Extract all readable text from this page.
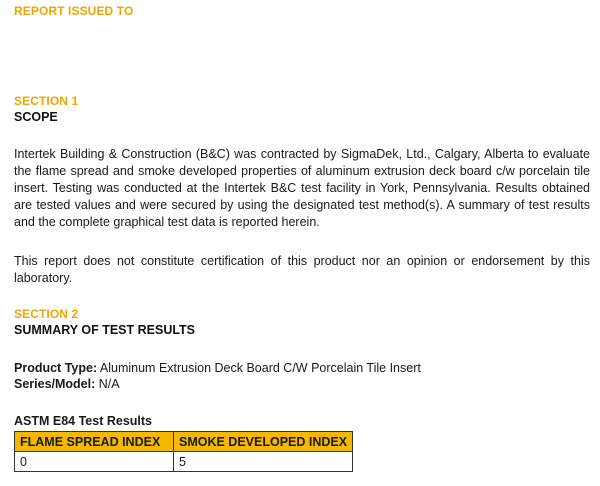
REPORT ISSUED TO
SECTION 1
SCOPE
Intertek Building & Construction (B&C) was contracted by SigmaDek, Ltd., Calgary, Alberta to evaluate the flame spread and smoke developed properties of aluminum extrusion deck board c/w porcelain tile insert. Testing was conducted at the Intertek B&C test facility in York, Pennsylvania. Results obtained are tested values and were secured by using the designated test method(s). A summary of test results and the complete graphical test data is reported herein.
This report does not constitute certification of this product nor an opinion or endorsement by this laboratory.
SECTION 2
SUMMARY OF TEST RESULTS
Product Type: Aluminum Extrusion Deck Board C/W Porcelain Tile Insert
Series/Model: N/A
ASTM E84 Test Results
FLAME SPREAD INDEX	SMOKE DEVELOPED INDEX
0	5
